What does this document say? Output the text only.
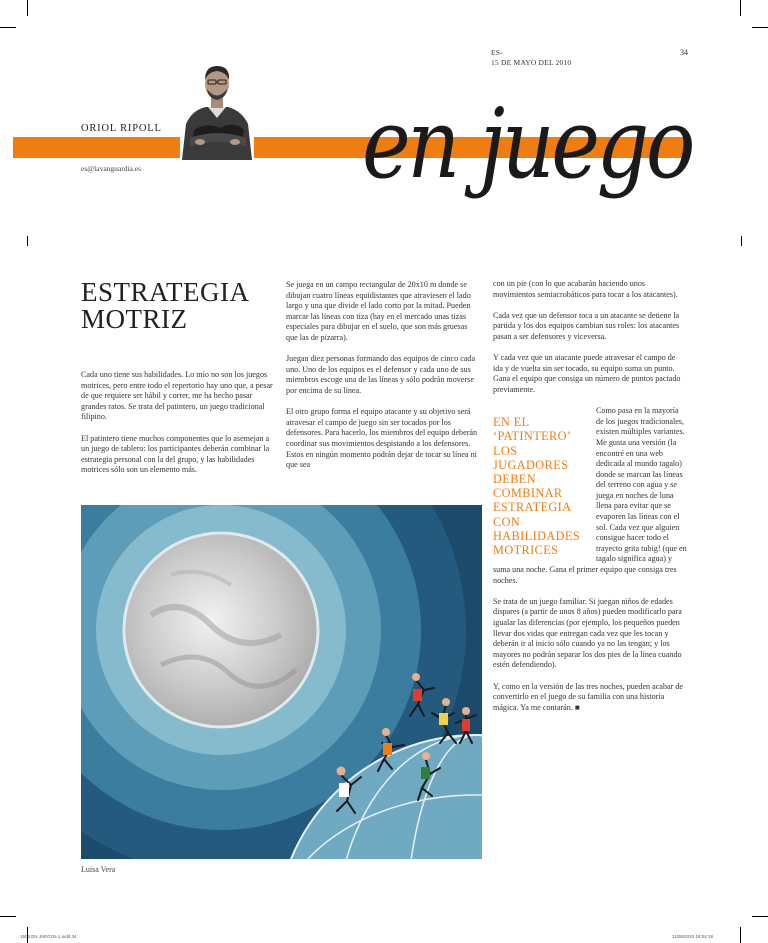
ES-
15 DE MAYO DEL 2010
34
ORIOL RIPOLL
es@lavanguardia.es en juego
ESTRATEGIA MOTRIZ

Cada uno tiene sus habilidades. Lo mío no son los juegos motrices, pero entre todo el repertorio hay uno que, a pesar de que requiere ser hábil y correr, me ha hecho pasar grandes ratos. Se trata del patintero, un juego tradicional filipino.

El patintero tiene muchos componentes que lo asemejan a un juego de tablero: los participantes deberán combinar la estrategia personal con la del grupo, y las habilidades motrices sólo son un elemento más.

Se juega en un campo rectangular de 20x10 m donde se dibujan cuatro líneas equidistantes que atraviesen el lado largo y una que divide el lado corto por la mitad. Pueden marcar las líneas con tiza (hay en el mercado unas tizas especiales para dibujar en el suelo, que son más gruesas que las de pizarra).

Juegan diez personas formando dos equipos de cinco cada uno. Uno de los equipos es el defensor y cada uno de sus miembros escoge una de las líneas y sólo podrán moverse por encima de su línea.

El otro grupo forma el equipo atacante y su objetivo será atravesar el campo de juego sin ser tocados por los defensores. Para hacerlo, los miembros del equipo deberán coordinar sus movimientos despistando a los defensores. Estos en ningún momento podrán dejar de tocar su línea ni que sea

con un pie (con lo que acabarán haciendo unos movimientos semiacrobáticos para tocar a los atacantes).

Cada vez que un defensor toca a un atacante se detiene la partida y los dos equipos cambian sus roles: los atacantes pasan a ser defensores y viceversa.

Y cada vez que un atacante puede atravesar el campo de ida y de vuelta sin ser tocado, su equipo suma un punto. Gana el equipo que consiga un número de puntos pactado previamente.

EN EL ‘PATINTERO’ LOS JUGADORES DEBEN COMBINAR ESTRATEGIA CON HABILIDADES MOTRICES

Como pasa en la mayoría de los juegos tradicionales, existen múltiples variantes. Me gusta una versión (la encontré en una web dedicada al mundo tagalo) donde se marcan las líneas del terreno con agua y se juega en noches de luna llena para evitar que se evaporen las líneas con el sol. Cada vez que alguien consigue hacer todo el trayecto grita tubig! (que en tagalo significa agua) y suma una noche. Gana el primer equipo que consiga tres noches.

Se trata de un juego familiar. Si juegan niños de edades dispares (a partir de unos 8 años) pueden modificarlo para igualar las diferencias (por ejemplo, los pequeños pueden llevar dos vidas que entregan cada vez que les tocan y deberán ir al inicio sólo cuando ya no las tengan; y los mayores no podrán separar los dos pies de la línea cuando estén defendiendo).

Y, como en la versión de las tres noches, pueden acabar de convertirlo en el juego de su familia con una historia mágica. Ya me contarán. ■

Luisa Vera
1505 EN JUEGOs-1.indd 34	11/05/2010 18:04:19
